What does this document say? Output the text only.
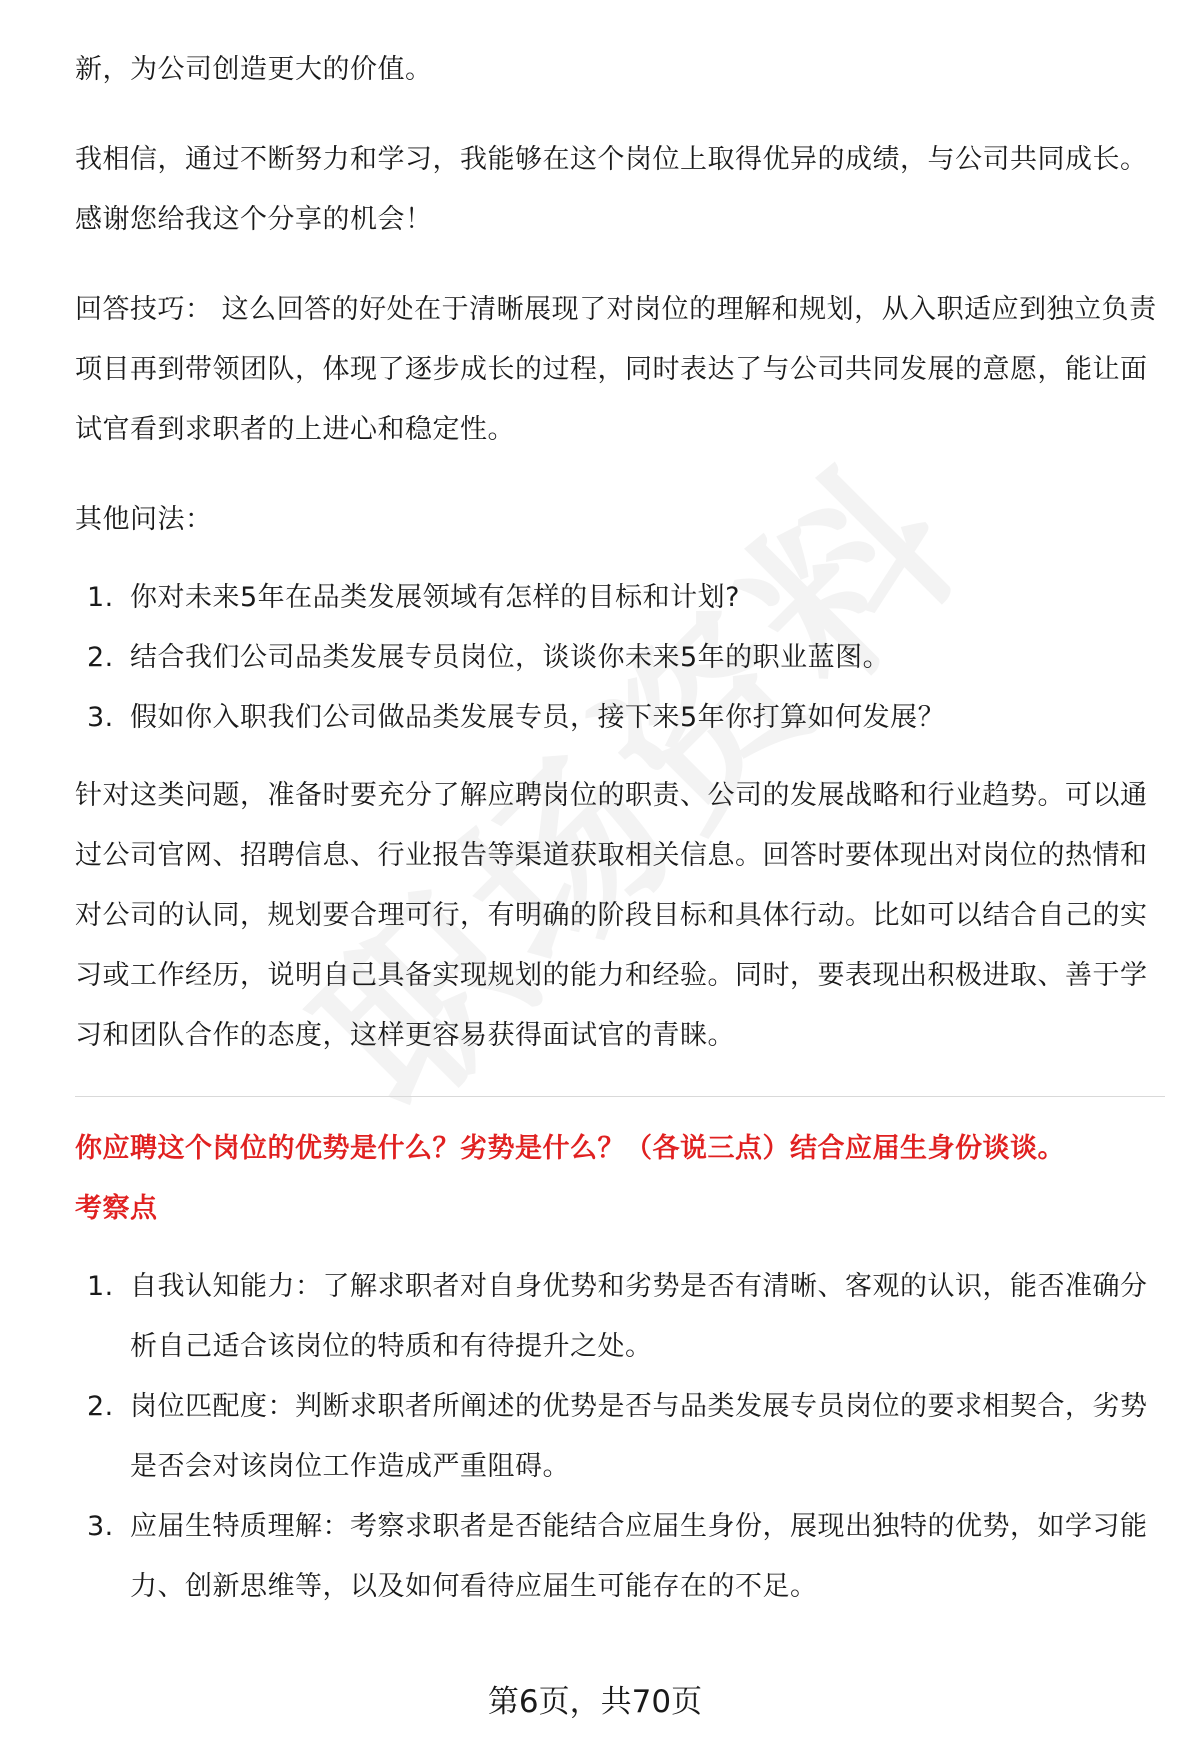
新，为公司创造更大的价值。

我相信，通过不断努力和学习，我能够在这个岗位上取得优异的成绩，与公司共同成长。感谢您给我这个分享的机会！

回答技巧： 这么回答的好处在于清晰展现了对岗位的理解和规划，从入职适应到独立负责项目再到带领团队，体现了逐步成长的过程，同时表达了与公司共同发展的意愿，能让面试官看到求职者的上进心和稳定性。

其他问法：

1. 你对未来5年在品类发展领域有怎样的目标和计划?
2. 结合我们公司品类发展专员岗位，谈谈你未来5年的职业蓝图。
3. 假如你入职我们公司做品类发展专员，接下来5年你打算如何发展？

针对这类问题，准备时要充分了解应聘岗位的职责、公司的发展战略和行业趋势。可以通过公司官网、招聘信息、行业报告等渠道获取相关信息。回答时要体现出对岗位的热情和对公司的认同，规划要合理可行，有明确的阶段目标和具体行动。比如可以结合自己的实习或工作经历，说明自己具备实现规划的能力和经验。同时，要表现出积极进取、善于学习和团队合作的态度，这样更容易获得面试官的青睐。

你应聘这个岗位的优势是什么？劣势是什么？（各说三点）结合应届生身份谈谈。

考察点

1. 自我认知能力：了解求职者对自身优势和劣势是否有清晰、客观的认识，能否准确分析自己适合该岗位的特质和有待提升之处。
2. 岗位匹配度：判断求职者所阐述的优势是否与品类发展专员岗位的要求相契合，劣势是否会对该岗位工作造成严重阻碍。
3. 应届生特质理解：考察求职者是否能结合应届生身份，展现出独特的优势，如学习能力、创新思维等，以及如何看待应届生可能存在的不足。
第6页，共70页
